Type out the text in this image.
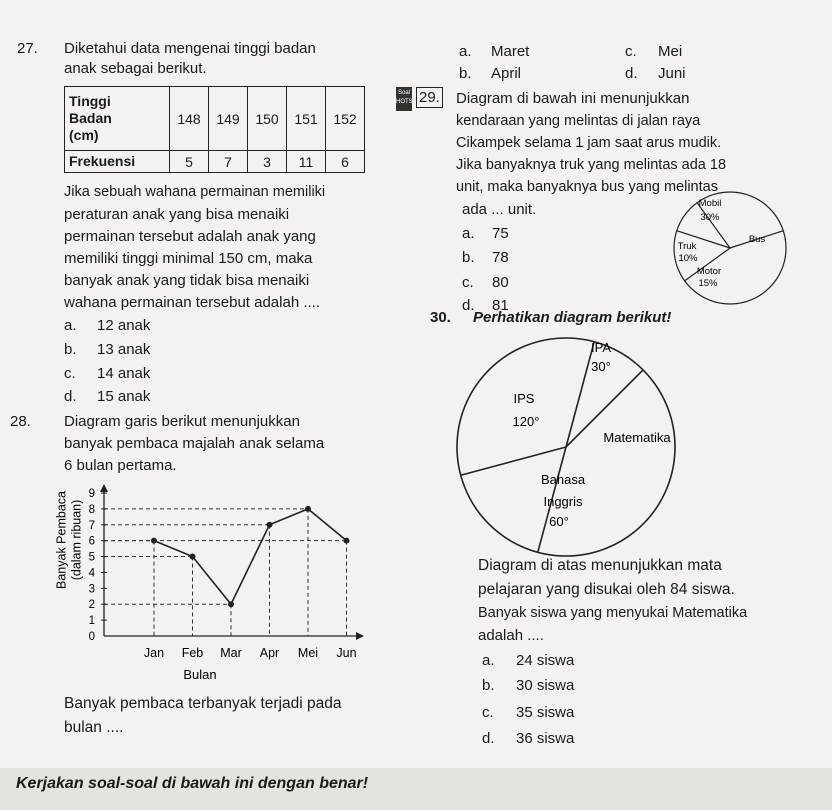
27. Diketahui data mengenai tinggi badan
anak sebagai berikut.
Tinggi
Badan
(cm)	148	149	150	151	152
Frekuensi	5	7	3	11	6
Jika sebuah wahana permainan memiliki
peraturan anak yang bisa menaiki
permainan tersebut adalah anak yang
memiliki tinggi minimal 150 cm, maka
banyak anak yang tidak bisa menaiki
wahana permainan tersebut adalah ....
a. 12 anak
b. 13 anak
c. 14 anak
d. 15 anak
28. Diagram garis berikut menunjukkan
banyak pembaca majalah anak selama
6 bulan pertama.
Banyak Pembaca (dalam ribuan)
0
1
2
3
4
5
6
7
8
9
Jan Feb Mar Apr Mei Jun
Bulan
Banyak pembaca terbanyak terjadi pada
bulan ....
a. Maret
b. April
c. Mei
d. Juni
Soal
HOTS 29. Diagram di bawah ini menunjukkan
kendaraan yang melintas di jalan raya
Cikampek selama 1 jam saat arus mudik.
Jika banyaknya truk yang melintas ada 18
unit, maka banyaknya bus yang melintas
ada ... unit.
a. 75
b. 78
c. 80
d. 81
Mobil
30%
Bus
Motor
15%
Truk
10%
30. Perhatikan diagram berikut!
IPA
30°
IPS
120°
Matematika
Bahasa
Inggris
60°
Diagram di atas menunjukkan mata
pelajaran yang disukai oleh 84 siswa.
Banyak siswa yang menyukai Matematika
adalah ....
a. 24 siswa
b. 30 siswa
c. 35 siswa
d. 36 siswa
Kerjakan soal-soal di bawah ini dengan benar!
